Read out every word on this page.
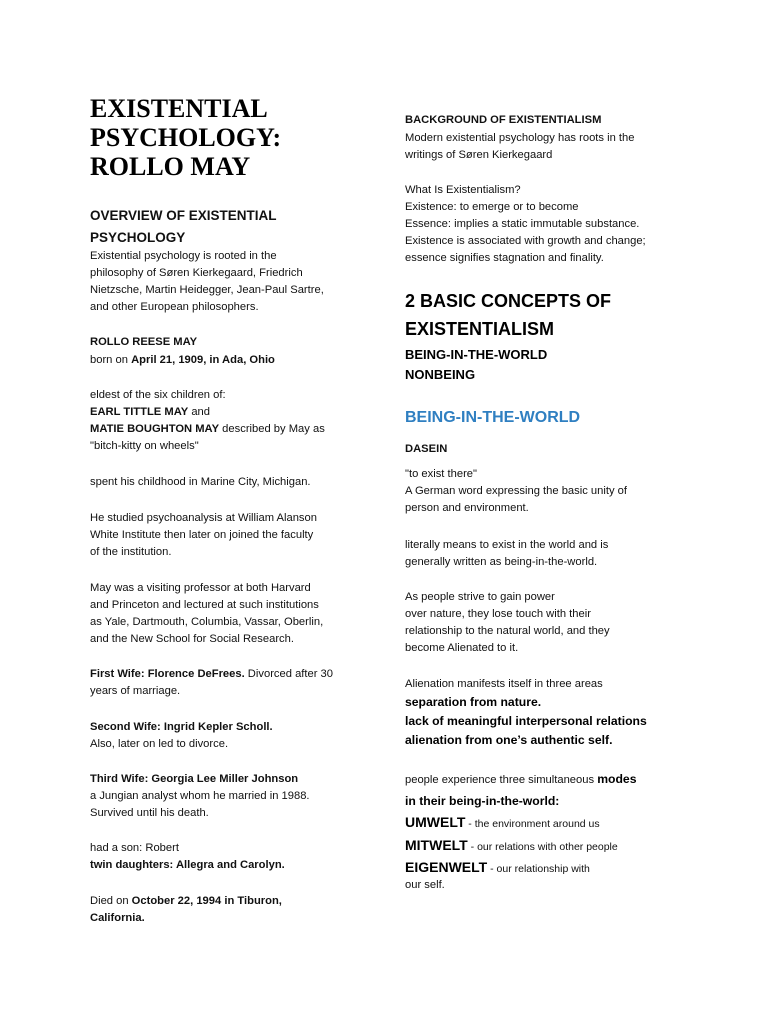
EXISTENTIAL
PSYCHOLOGY:
ROLLO MAY
OVERVIEW OF EXISTENTIAL
PSYCHOLOGY
Existential psychology is rooted in the
philosophy of Søren Kierkegaard, Friedrich
Nietzsche, Martin Heidegger, Jean-Paul Sartre,
and other European philosophers.
ROLLO REESE MAY
born on April 21, 1909, in Ada, Ohio
eldest of the six children of:
EARL TITTLE MAY and
MATIE BOUGHTON MAY described by May as
"bitch-kitty on wheels"
spent his childhood in Marine City, Michigan.
He studied psychoanalysis at William Alanson
White Institute then later on joined the faculty
of the institution.
May was a visiting professor at both Harvard
and Princeton and lectured at such institutions
as Yale, Dartmouth, Columbia, Vassar, Oberlin,
and the New School for Social Research.
First Wife: Florence DeFrees. Divorced after 30
years of marriage.
Second Wife: Ingrid Kepler Scholl.
Also, later on led to divorce.
Third Wife: Georgia Lee Miller Johnson
a Jungian analyst whom he married in 1988.
Survived until his death.
had a son: Robert
twin daughters: Allegra and Carolyn.
Died on October 22, 1994 in Tiburon,
California.
BACKGROUND OF EXISTENTIALISM
Modern existential psychology has roots in the
writings of Søren Kierkegaard
What Is Existentialism?
Existence: to emerge or to become
Essence: implies a static immutable substance.
Existence is associated with growth and change;
essence signifies stagnation and finality.
2 BASIC CONCEPTS OF
EXISTENTIALISM
BEING-IN-THE-WORLD
NONBEING
BEING-IN-THE-WORLD
DASEIN
"to exist there"
A German word expressing the basic unity of
person and environment.
literally means to exist in the world and is
generally written as being-in-the-world.
As people strive to gain power
over nature, they lose touch with their
relationship to the natural world, and they
become Alienated to it.
Alienation manifests itself in three areas
separation from nature.
lack of meaningful interpersonal relations
alienation from one’s authentic self.
people experience three simultaneous modes
in their being-in-the-world:
UMWELT - the environment around us
MITWELT - our relations with other people
EIGENWELT - our relationship with
our self.
